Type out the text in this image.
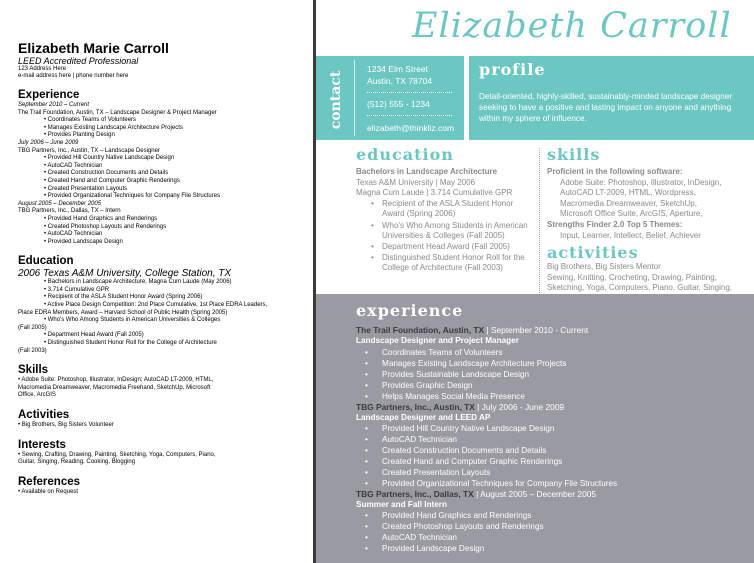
Elizabeth Marie Carroll
LEED Accredited Professional
123 Address Here
e-mail address here | phone number here
Experience
September 2010 – Current
The Trail Foundation, Austin, TX – Landscape Designer & Project Manager
• Coordinates Teams of Volunteers
• Manages Existing Landscape Architecture Projects
• Provides Planting Design
July 2006 – June 2009
TBG Partners, Inc., Austin, TX – Landscape Designer
• Provided Hill Country Native Landscape Design
• AutoCAD Technician
• Created Construction Documents and Details
• Created Hand and Computer Graphic Renderings
• Created Presentation Layouts
• Provided Organizational Techniques for Company File Structures
August 2005 – December 2005
TBG Partners, Inc., Dallas, TX – Intern
• Provided Hand Graphics and Renderings
• Created Photoshop Layouts and Renderings
• AutoCAD Technician
• Provided Landscape Design
Education
2006 Texas A&M University, College Station, TX
• Bachelors in Landscape Architecture, Magna Cum Laude (May 2006)
• 3.714 Cumulative GPR
• Recipient of the ASLA Student Honor Award (Spring 2006)
• Active Place Design Competition: 2nd Place Cumulative, 1st Place EDRA Leaders,
Place EDRA Members, Award – Harvard School of Public Health (Spring 2005)
• Who's Who Among Students in American Universities & Colleges
(Fall 2005)
• Department Head Award (Fall 2005)
• Distinguished Student Honor Roll for the College of Architecture
(Fall 2003)
Skills
• Adobe Suite: Photoshop, Illustrator, InDesign; AutoCAD LT-2009, HTML,
Macromedia Dreamweaver, Macromedia Freehand, SketchUp, Microsoft
Office, ArcGIS
Activities
• Big Brothers, Big Sisters Volunteer
Interests
• Sewing, Crafting, Drawing, Painting, Sketching, Yoga, Computers, Piano,
Guitar, Singing, Reading, Cooking, Blogging
References
• Available on Request
Elizabeth Carroll
contact
1234 Elm Street
Austin, TX 78704
(512) 555 - 1234
elizabeth@thinkliz.com
profile
Detail-oriented, highly-skilled, sustainably-minded landscape designer seeking to have a positive and lasting impact on anyone and anything within my sphere of influence.
education
Bachelors in Landscape Architecture
Texas A&M University | May 2006
Magna Cum Laude | 3.714 Cumulative GPR
• Recipient of the ASLA Student Honor
Award (Spring 2006)
• Who's Who Among Students in American
Universities & Colleges (Fall 2005)
• Department Head Award (Fall 2005)
• Distinguished Student Honor Roll for the
College of Architecture (Fall 2003)
skills
Proficient in the following software:
Adobe Suite: Photoshop, Illustrator, InDesign,
AutoCAD LT-2009, HTML, Wordpress,
Macromedia Dreamweaver, SketchUp,
Microsoft Office Suite, ArcGIS, Aperture,
Strengths Finder 2.0 Top 5 Themes:
Input, Learner, Intellect, Belief, Achiever
activities
Big Brothers, Big Sisters Mentor
Sewing, Knitting, Crocheting, Drawing, Painting,
Sketching, Yoga, Computers, Piano, Guitar, Singing,
experience
The Trail Foundation, Austin, TX | September 2010 - Current
Landscape Designer and Project Manager
• Coordinates Teams of Volunteers
• Manages Existing Landscape Architecture Projects
• Provides Sustainable Landscape Design
• Provides Graphic Design
• Helps Manages Social Media Presence
TBG Partners, Inc., Austin, TX | July 2006 - June 2009
Landscape Designer and LEED AP
• Provided Hill Country Native Landscape Design
• AutoCAD Technician
• Created Construction Documents and Details
• Created Hand and Computer Graphic Renderings
• Created Presentation Layouts
• Provided Organizational Techniques for Company File Structures
TBG Partners, Inc., Dallas, TX | August 2005 – December 2005
Summer and Fall Intern
• Provided Hand Graphics and Renderings
• Created Photoshop Layouts and Renderings
• AutoCAD Technician
• Provided Landscape Design
